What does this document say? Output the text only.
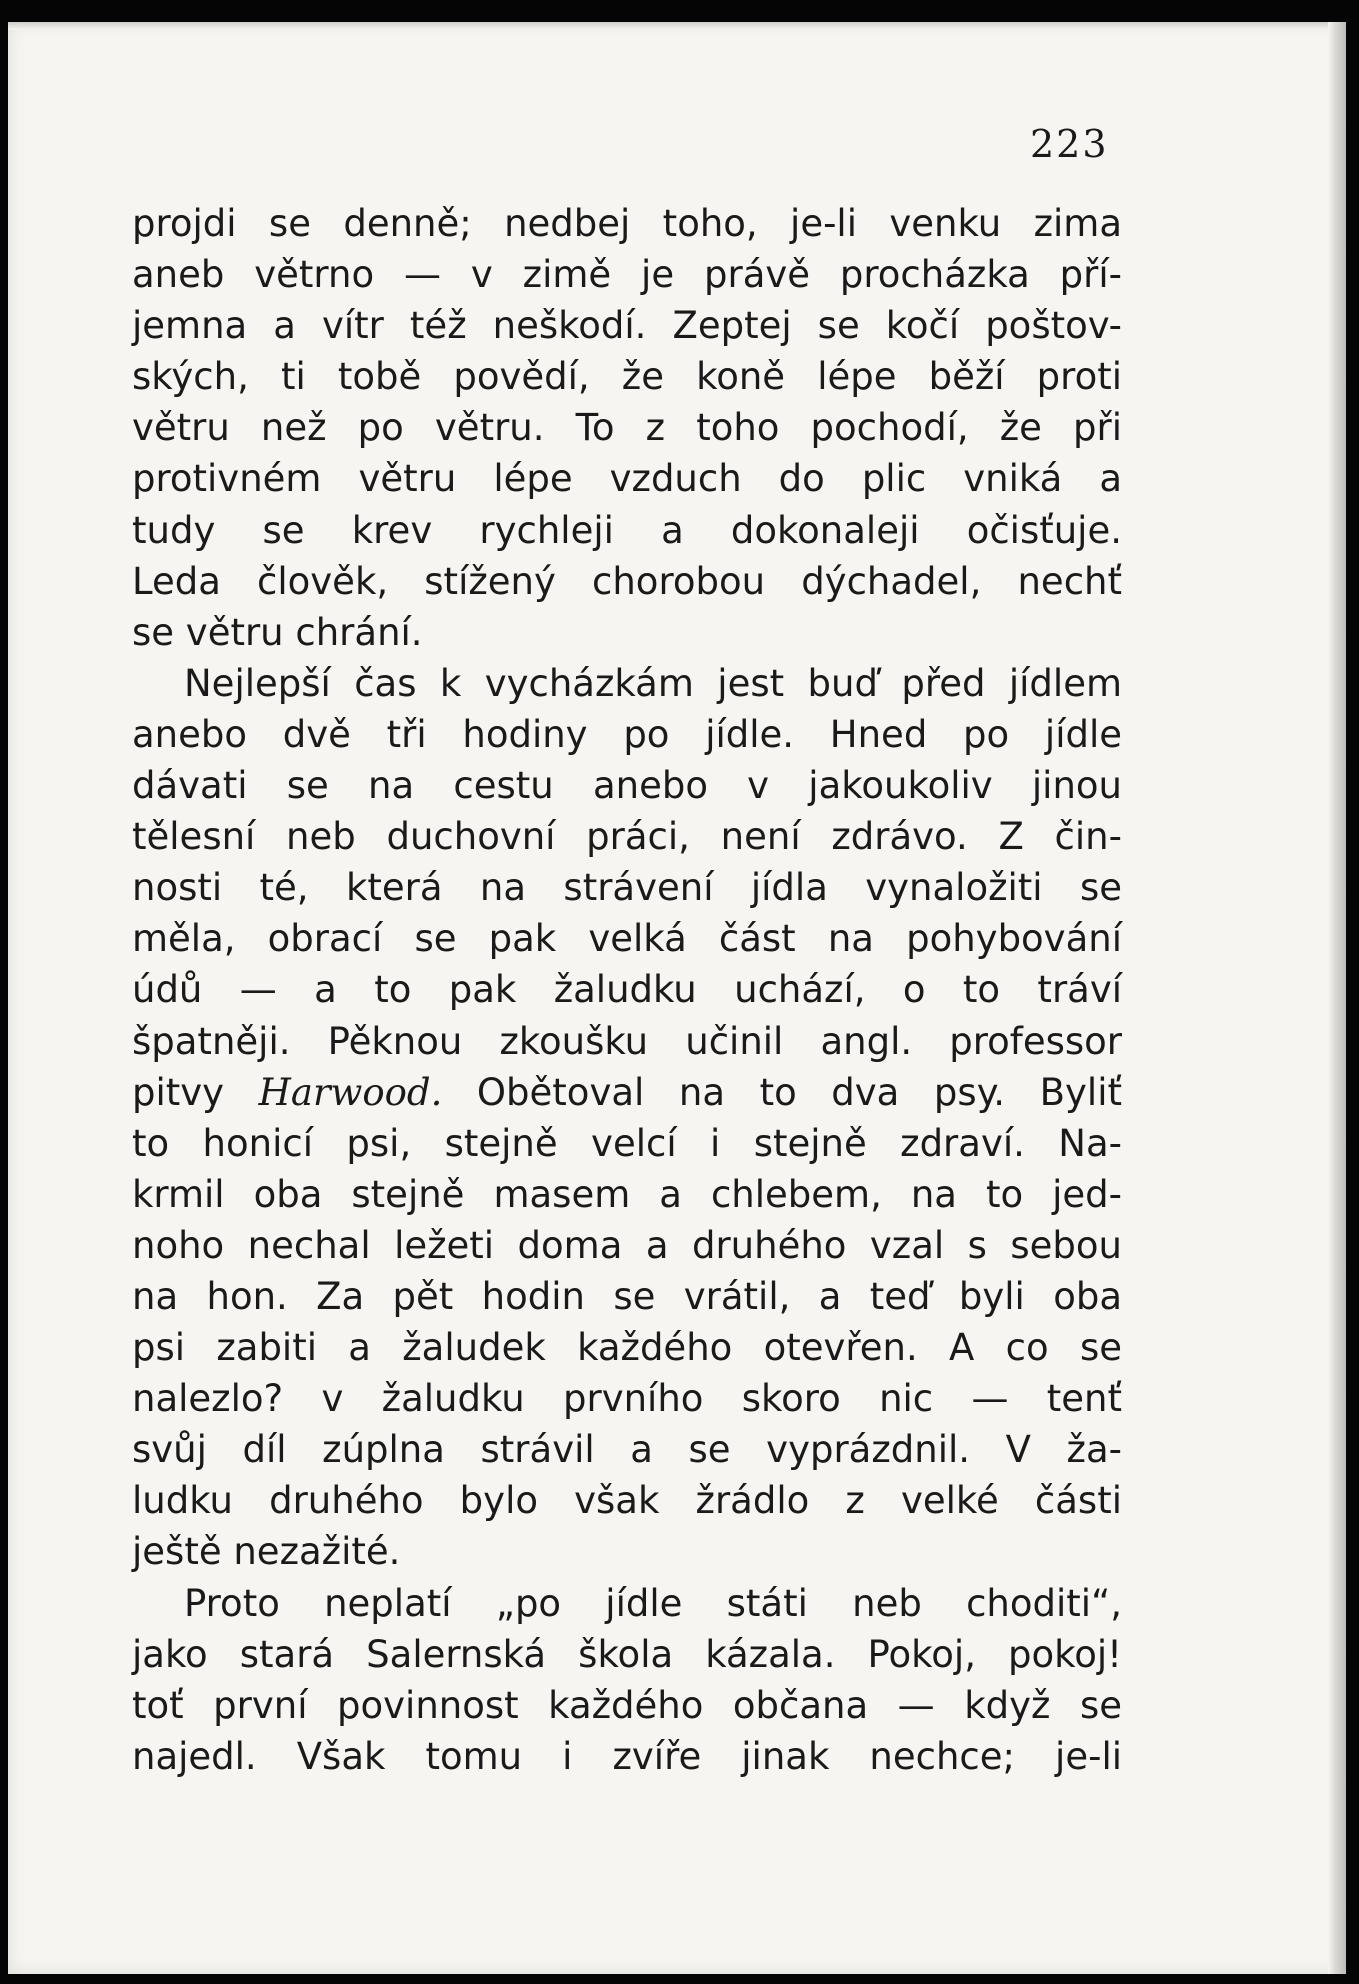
223
projdi se denně; nedbej toho, je-li venku zima
aneb větrno — v zimě je právě procházka pří-
jemna a vítr též neškodí. Zeptej se kočí poštov-
ských, ti tobě povědí, že koně lépe běží proti
větru než po větru. To z toho pochodí, že při
protivném větru lépe vzduch do plic vniká a
tudy se krev rychleji a dokonaleji očisťuje.
Leda člověk, stížený chorobou dýchadel, nechť
se větru chrání.
Nejlepší čas k vycházkám jest buď před jídlem
anebo dvě tři hodiny po jídle. Hned po jídle
dávati se na cestu anebo v jakoukoliv jinou
tělesní neb duchovní práci, není zdrávo. Z čin-
nosti té, která na strávení jídla vynaložiti se
měla, obrací se pak velká část na pohybování
údů — a to pak žaludku uchází, o to tráví
špatněji. Pěknou zkoušku učinil angl. professor
pitvy Harwood. Obětoval na to dva psy. Byliť
to honicí psi, stejně velcí i stejně zdraví. Na-
krmil oba stejně masem a chlebem, na to jed-
noho nechal ležeti doma a druhého vzal s sebou
na hon. Za pět hodin se vrátil, a teď byli oba
psi zabiti a žaludek každého otevřen. A co se
nalezlo? v žaludku prvního skoro nic — tenť
svůj díl zúplna strávil a se vyprázdnil. V ža-
ludku druhého bylo však žrádlo z velké části
ještě nezažité.
Proto neplatí „po jídle státi neb choditi“,
jako stará Salernská škola kázala. Pokoj, pokoj!
toť první povinnost každého občana — když se
najedl. Však tomu i zvíře jinak nechce; je-li
